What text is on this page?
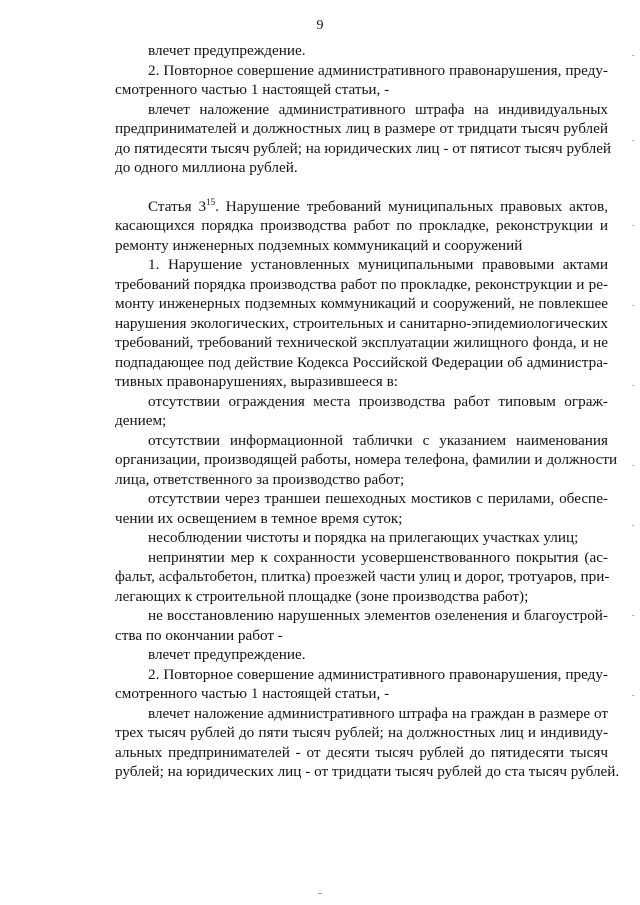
9
влечет предупреждение.
2. Повторное совершение административного правонарушения, преду-
смотренного частью 1 настоящей статьи, -
влечет наложение административного штрафа на индивидуальных
предпринимателей и должностных лиц в размере от тридцати тысяч рублей
до пятидесяти тысяч рублей; на юридических лиц - от пятисот тысяч рублей
до одного миллиона рублей.
Статья $3^{15}$. Нарушение требований муниципальных правовых актов,
касающихся порядка производства работ по прокладке, реконструкции и
ремонту инженерных подземных коммуникаций и сооружений
1. Нарушение установленных муниципальными правовыми актами
требований порядка производства работ по прокладке, реконструкции и ре-
монту инженерных подземных коммуникаций и сооружений, не повлекшее
нарушения экологических, строительных и санитарно-эпидемиологических
требований, требований технической эксплуатации жилищного фонда, и не
подпадающее под действие Кодекса Российской Федерации об администра-
тивных правонарушениях, выразившееся в:
отсутствии ограждения места производства работ типовым ограж-
дением;
отсутствии информационной таблички с указанием наименования
организации, производящей работы, номера телефона, фамилии и должности
лица, ответственного за производство работ;
отсутствии через траншеи пешеходных мостиков с перилами, обеспе-
чении их освещением в темное время суток;
несоблюдении чистоты и порядка на прилегающих участках улиц;
непринятии мер к сохранности усовершенствованного покрытия (ас-
фальт, асфальтобетон, плитка) проезжей части улиц и дорог, тротуаров, при-
легающих к строительной площадке (зоне производства работ);
не восстановлению нарушенных элементов озеленения и благоустрой-
ства по окончании работ -
влечет предупреждение.
2. Повторное совершение административного правонарушения, преду-
смотренного частью 1 настоящей статьи, -
влечет наложение административного штрафа на граждан в размере от
трех тысяч рублей до пяти тысяч рублей; на должностных лиц и индивиду-
альных предпринимателей - от десяти тысяч рублей до пятидесяти тысяч
рублей; на юридических лиц - от тридцати тысяч рублей до ста тысяч рублей.
